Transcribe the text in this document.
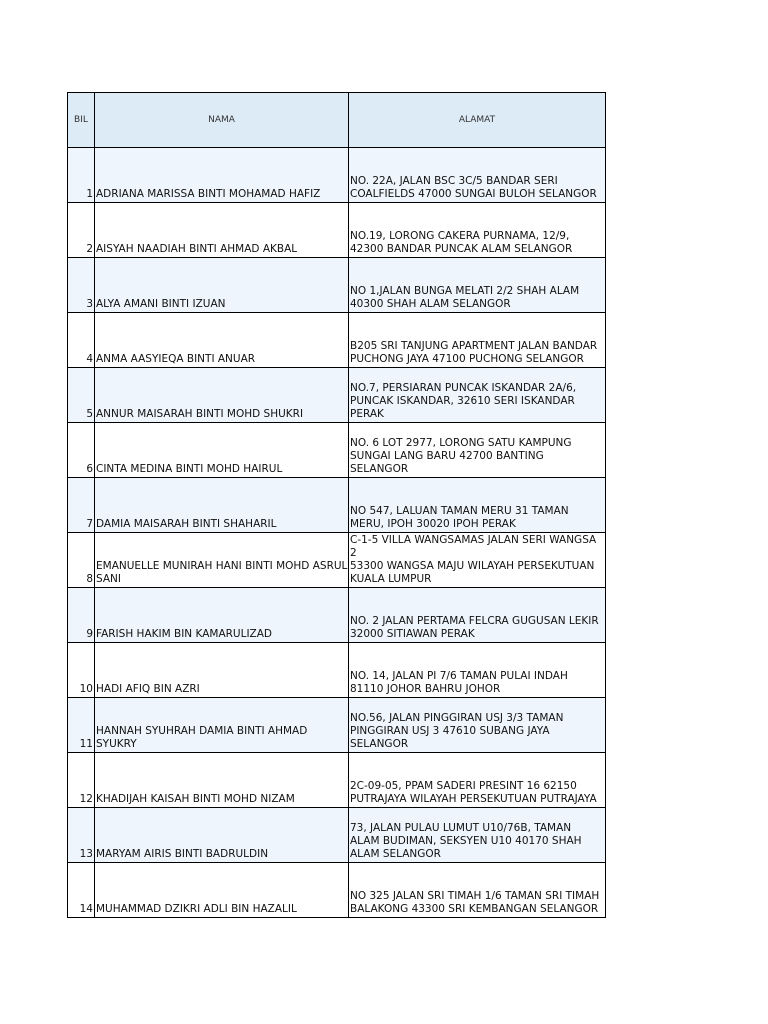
BIL	NAMA	ALAMAT
1	ADRIANA MARISSA BINTI MOHAMAD HAFIZ	NO. 22A, JALAN BSC 3C/5 BANDAR SERI
COALFIELDS 47000 SUNGAI BULOH SELANGOR
2	AISYAH NAADIAH BINTI AHMAD AKBAL	NO.19, LORONG CAKERA PURNAMA, 12/9,
42300 BANDAR PUNCAK ALAM SELANGOR
3	ALYA AMANI BINTI IZUAN	NO 1,JALAN BUNGA MELATI 2/2 SHAH ALAM
40300 SHAH ALAM SELANGOR
4	ANMA AASYIEQA BINTI ANUAR	B205 SRI TANJUNG APARTMENT JALAN BANDAR
PUCHONG JAYA 47100 PUCHONG SELANGOR
5	ANNUR MAISARAH BINTI MOHD SHUKRI	NO.7, PERSIARAN PUNCAK ISKANDAR 2A/6,
PUNCAK ISKANDAR, 32610 SERI ISKANDAR
PERAK
6	CINTA MEDINA BINTI MOHD HAIRUL	NO. 6 LOT 2977, LORONG SATU KAMPUNG
SUNGAI LANG BARU 42700 BANTING SELANGOR
7	DAMIA MAISARAH BINTI SHAHARIL	NO 547, LALUAN TAMAN MERU 31 TAMAN
MERU, IPOH 30020 IPOH PERAK
8	EMANUELLE MUNIRAH HANI BINTI MOHD ASRUL SANI	C-1-5 VILLA WANGSAMAS JALAN SERI WANGSA 2
53300 WANGSA MAJU WILAYAH PERSEKUTUAN
KUALA LUMPUR
9	FARISH HAKIM BIN KAMARULIZAD	NO. 2 JALAN PERTAMA FELCRA GUGUSAN LEKIR
32000 SITIAWAN PERAK
10	HADI AFIQ BIN AZRI	NO. 14, JALAN PI 7/6 TAMAN PULAI INDAH
81110 JOHOR BAHRU JOHOR
11	HANNAH SYUHRAH DAMIA BINTI AHMAD SYUKRY	NO.56, JALAN PINGGIRAN USJ 3/3 TAMAN
PINGGIRAN USJ 3 47610 SUBANG JAYA
SELANGOR
12	KHADIJAH KAISAH BINTI MOHD NIZAM	2C-09-05, PPAM SADERI PRESINT 16 62150
PUTRAJAYA WILAYAH PERSEKUTUAN PUTRAJAYA
13	MARYAM AIRIS BINTI BADRULDIN	73, JALAN PULAU LUMUT U10/76B, TAMAN
ALAM BUDIMAN, SEKSYEN U10 40170 SHAH
ALAM SELANGOR
14	MUHAMMAD DZIKRI ADLI BIN HAZALIL	NO 325 JALAN SRI TIMAH 1/6 TAMAN SRI TIMAH
BALAKONG 43300 SRI KEMBANGAN SELANGOR
